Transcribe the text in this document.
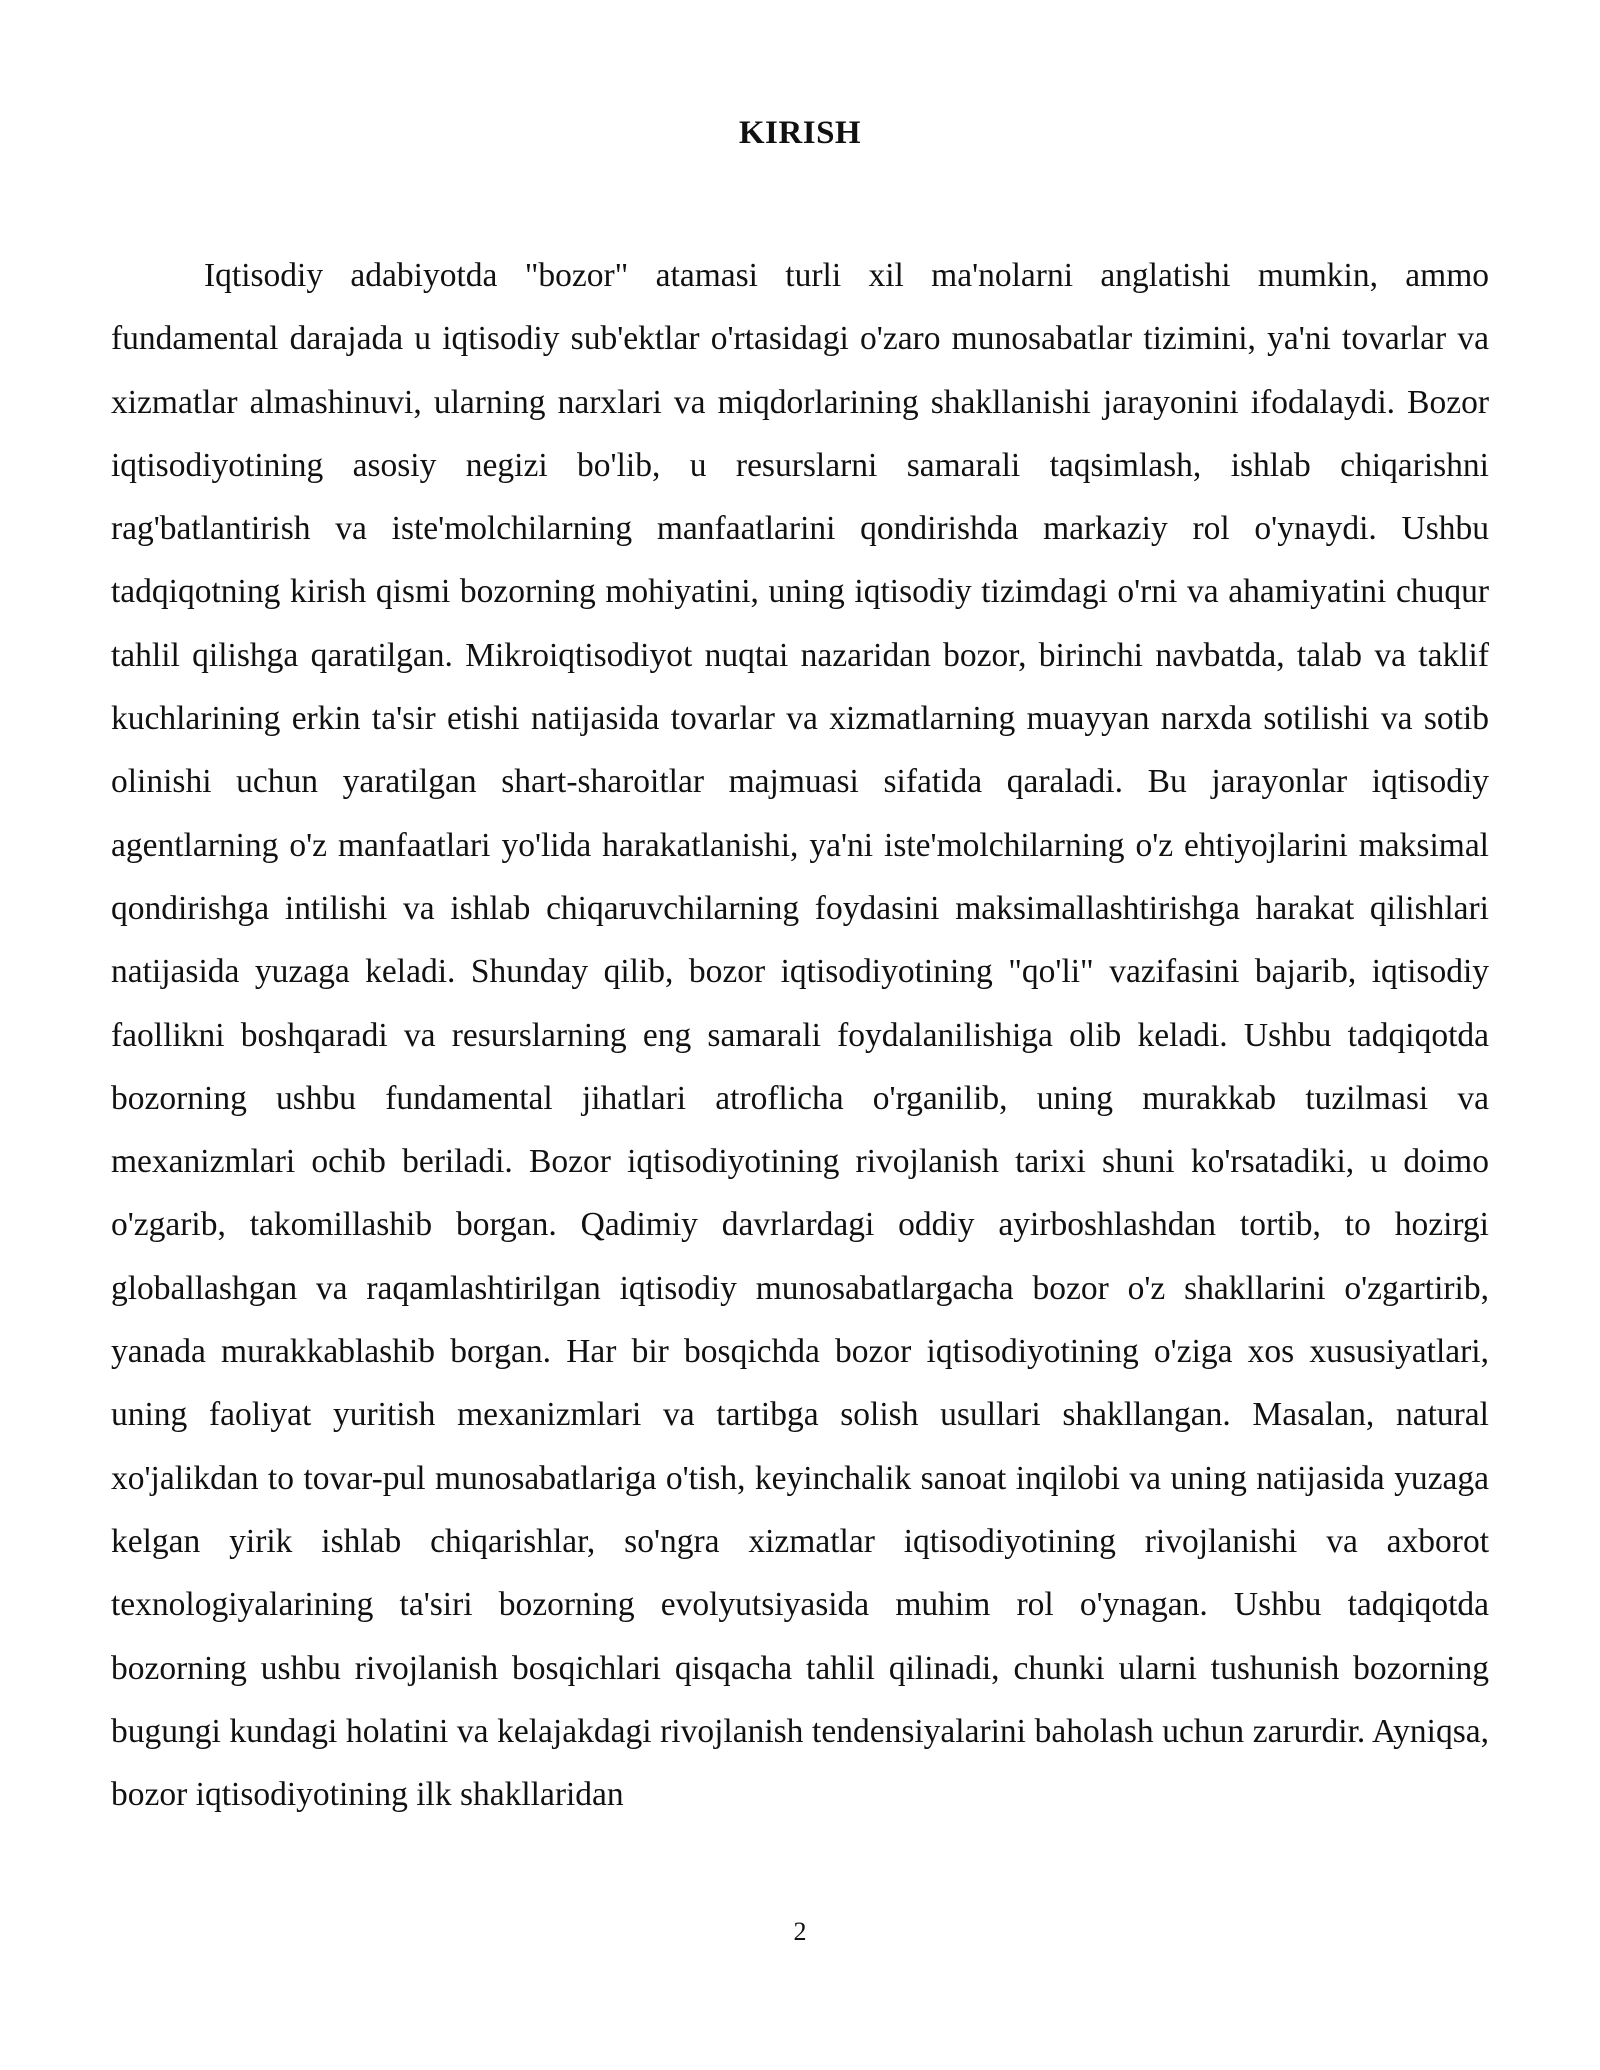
KIRISH

Iqtisodiy adabiyotda "bozor" atamasi turli xil ma'nolarni anglatishi mumkin, ammo fundamental darajada u iqtisodiy sub'ektlar o'rtasidagi o'zaro munosabatlar tizimini, ya'ni tovarlar va xizmatlar almashinuvi, ularning narxlari va miqdorlarining shakllanishi jarayonini ifodalaydi. Bozor iqtisodiyotining asosiy negizi bo'lib, u resurslarni samarali taqsimlash, ishlab chiqarishni rag'batlantirish va iste'molchilarning manfaatlarini qondirishda markaziy rol o'ynaydi. Ushbu tadqiqotning kirish qismi bozorning mohiyatini, uning iqtisodiy tizimdagi o'rni va ahamiyatini chuqur tahlil qilishga qaratilgan. Mikroiqtisodiyot nuqtai nazaridan bozor, birinchi navbatda, talab va taklif kuchlarining erkin ta'sir etishi natijasida tovarlar va xizmatlarning muayyan narxda sotilishi va sotib olinishi uchun yaratilgan shart-sharoitlar majmuasi sifatida qaraladi. Bu jarayonlar iqtisodiy agentlarning o'z manfaatlari yo'lida harakatlanishi, ya'ni iste'molchilarning o'z ehtiyojlarini maksimal qondirishga intilishi va ishlab chiqaruvchilarning foydasini maksimallashtirishga harakat qilishlari natijasida yuzaga keladi. Shunday qilib, bozor iqtisodiyotining "qo'li" vazifasini bajarib, iqtisodiy faollikni boshqaradi va resurslarning eng samarali foydalanilishiga olib keladi. Ushbu tadqiqotda bozorning ushbu fundamental jihatlari atroflicha o'rganilib, uning murakkab tuzilmasi va mexanizmlari ochib beriladi. Bozor iqtisodiyotining rivojlanish tarixi shuni ko'rsatadiki, u doimo o'zgarib, takomillashib borgan. Qadimiy davrlardagi oddiy ayirboshlashdan tortib, to hozirgi globallashgan va raqamlashtirilgan iqtisodiy munosabatlargacha bozor o'z shakllarini o'zgartirib, yanada murakkablashib borgan. Har bir bosqichda bozor iqtisodiyotining o'ziga xos xususiyatlari, uning faoliyat yuritish mexanizmlari va tartibga solish usullari shakllangan. Masalan, natural xo'jalikdan to tovar-pul munosabatlariga o'tish, keyinchalik sanoat inqilobi va uning natijasida yuzaga kelgan yirik ishlab chiqarishlar, so'ngra xizmatlar iqtisodiyotining rivojlanishi va axborot texnologiyalarining ta'siri bozorning evolyutsiyasida muhim rol o'ynagan. Ushbu tadqiqotda bozorning ushbu rivojlanish bosqichlari qisqacha tahlil qilinadi, chunki ularni tushunish bozorning bugungi kundagi holatini va kelajakdagi rivojlanish tendensiyalarini baholash uchun zarurdir. Ayniqsa, bozor iqtisodiyotining ilk shakllaridan

2
